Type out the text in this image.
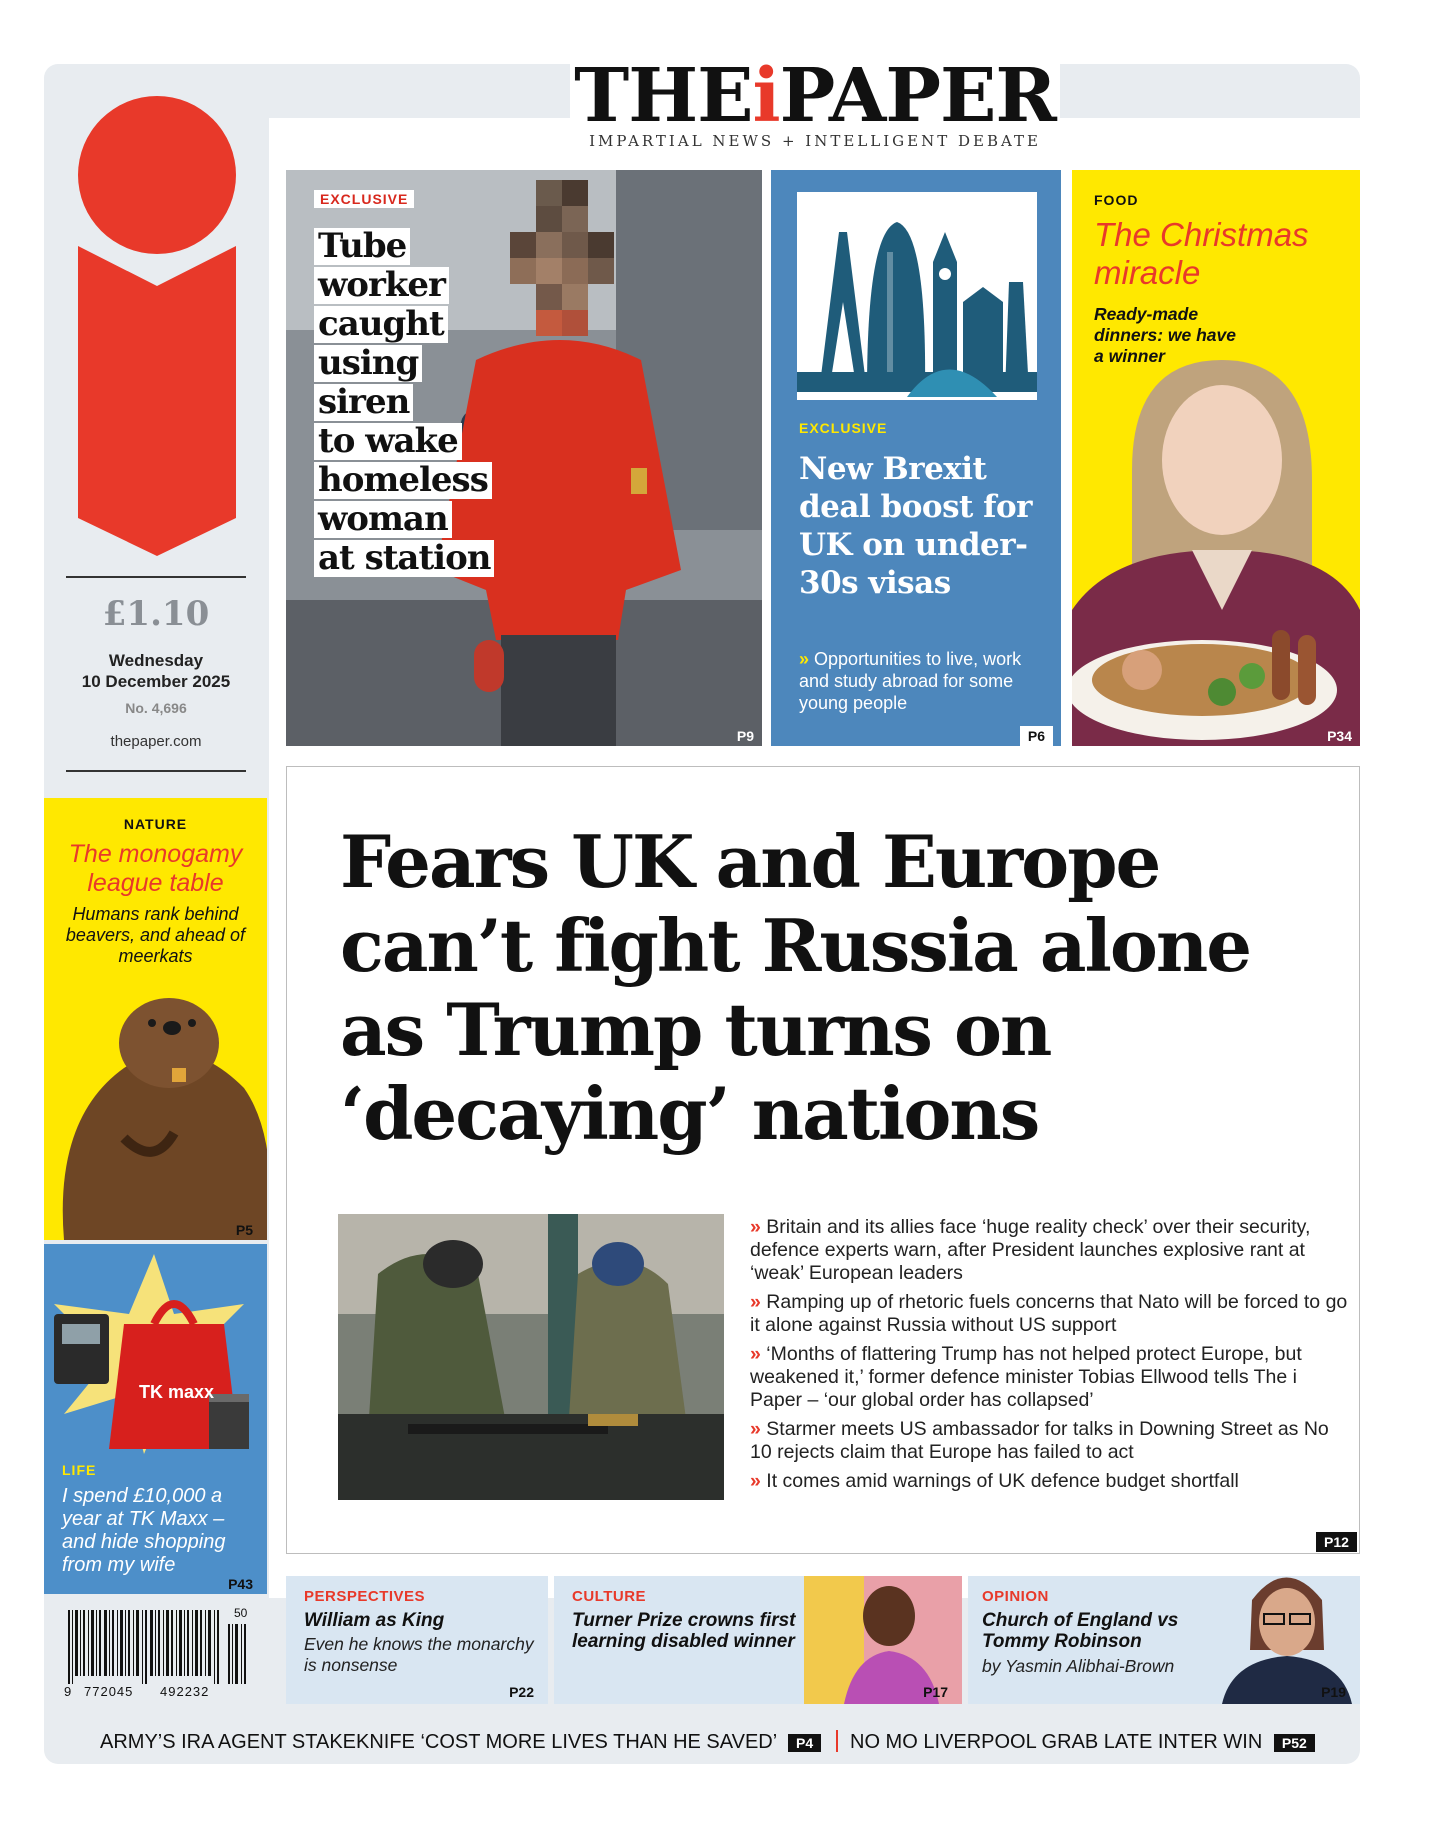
THEiPAPER
IMPARTIAL NEWS + INTELLIGENT DEBATE
£1.10
Wednesday
10 December 2025
No. 4,696
thepaper.com
EXCLUSIVE
Tube
worker
caught
using
siren
to wake
homeless
woman
at station
P9
EXCLUSIVE
New Brexit deal boost for UK on under-30s visas
» Opportunities to live, work and study abroad for some young people
P6
FOOD
The Christmas miracle
Ready-made dinners: we have a winner
P34
NATURE
The monogamy league table
Humans rank behind beavers, and ahead of meerkats
P5
TK maxx
LIFE
I spend £10,000 a year at TK Maxx – and hide shopping from my wife
P43
Fears UK and Europe can’t fight Russia alone as Trump turns on ‘decaying’ nations
» Britain and its allies face ‘huge reality check’ over their security, defence experts warn, after President launches explosive rant at ‘weak’ European leaders
» Ramping up of rhetoric fuels concerns that Nato will be forced to go it alone against Russia without US support
» ‘Months of flattering Trump has not helped protect Europe, but weakened it,’ former defence minister Tobias Ellwood tells The i Paper – ‘our global order has collapsed’
» Starmer meets US ambassador for talks in Downing Street as No 10 rejects claim that Europe has failed to act
» It comes amid warnings of UK defence budget shortfall
P12
PERSPECTIVES
William as King
Even he knows the monarchy is nonsense
P22
CULTURE
Turner Prize crowns first learning disabled winner
P17
OPINION
Church of England vs Tommy Robinson
by Yasmin Alibhai-Brown
P19
50
9 772045 492232
ARMY’S IRA AGENT STAKEKNIFE ‘COST MORE LIVES THAN HE SAVED’ P4	NO MO LIVERPOOL GRAB LATE INTER WIN P52
